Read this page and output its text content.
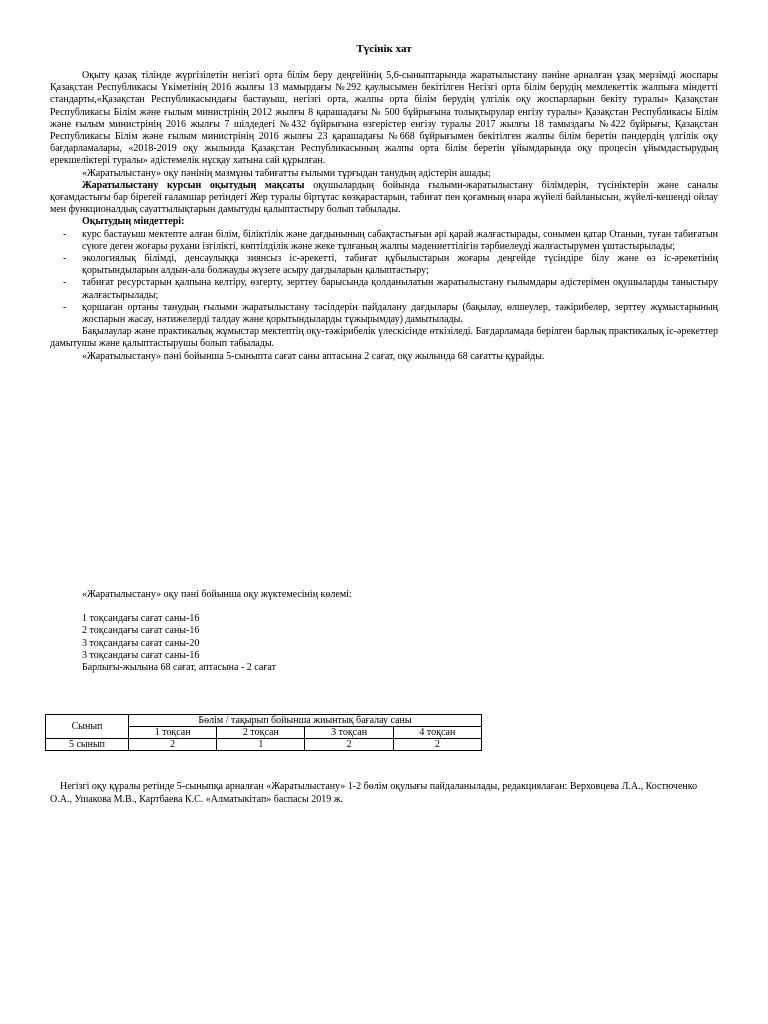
Түсінік хат

Оқыту қазақ тілінде жүргізілетін негізгі орта білім беру деңгейінің 5,6-сыныптарында жаратылыстану пәніне арналған ұзақ мерзімді жоспары Қазақстан Республикасы Үкіметінің 2016 жылғы 13 мамырдағы №292 қаулысымен бекітілген Негізгі орта білім берудің мемлекеттік жалпыға міндетті стандарты,«Қазақстан Республикасындағы бастауыш, негізгі орта, жалпы орта білім берудің үлгілік оқу жоспарларын бекіту туралы» Қазақстан Республикасы Білім және ғылым министрінің 2012 жылғы 8 қарашадағы № 500 бұйрығына толықтырулар енгізу туралы» Қазақстан Республикасы Білім және ғылым министрінің 2016 жылғы 7 шілдедегі №432 бұйрығына өзгерістер енгізу туралы 2017 жылғы 18 тамыздағы №422 бұйрығы, Қазақстан Республикасы Білім және ғылым министрінің 2016 жылғы 23 қарашадағы №668 бұйрығымен бекітілген жалпы білім беретін пәндердің үлгілік оқу бағдарламалары, «2018-2019 оқу жылында Қазақстан Республикасының жалпы орта білім беретін ұйымдарында оқу процесін ұйымдастырудың ерекшеліктері туралы» әдістемелік нұсқау хатына сай құрылған.

«Жаратылыстану» оқу пәнінің мазмұны табиғатты ғылыми тұрғыдан танудың әдістерін ашады;

Жаратылыстану курсын оқытудың мақсаты оқушылардың бойында ғылыми-жаратылыстану білімдерін, түсініктерін және саналы қоғамдастығы бар бірегей ғаламшар ретіндегі Жер туралы біртұтас көзқарастарын, табиғат пен қоғамның өзара жүйелі байланысын, жүйелі-кешенді ойлау мен функционалдық сауаттылықтарын дамытуды қалыптастыру болып табылады.

Оқытудың міндеттері:

- курс бастауыш мектепте алған білім, біліктілік және дағдынының сабақтастығын әрі қарай жалғастырады, сонымен қатар Отанын, туған табиғатын сүюге деген жоғары рухани ізгілікті, көптілділік және жеке тұлғаның жалпы мәдениеттілігін тәрбиелеуді жалғастырумен ұштастырылады;
- экологиялық білімді, денсаулыққа зиянсыз іс-әрекетті, табиғат құбылыстарын жоғары деңгейде түсіндіре білу және өз іс-әрекетінің қорытындыларын алдын-ала болжауды жүзеге асыру дағдыларын қалыптастыру;
- табиғат ресурстарын қалпына келтіру, өзгерту, зерттеу барысында қолданылатын жаратылыстану ғылымдары әдістерімен оқушыларды таныстыру жалғастырылады;
- қоршаған ортаны танудың ғылыми жаратылыстану тәсілдерін пайдалану дағдылары (бақылау, өлшеулер, тәжірибелер, зерттеу жұмыстарының жоспарын жасау, нәтижелерді талдау және қорытындыларды тұжырымдау) дамытылады.

Бақылаулар және практикалық жұмыстар мектептің оқу-тәжірибелік үлескісінде өткізіледі. Бағдарламада берілген барлық практикалық іс-әрекеттер дамытушы және қалыптастырушы болып табылады.

«Жаратылыстану» пәні бойынша 5-сыныпта сағат саны аптасына 2 сағат, оқу жылында 68 сағатты құрайды.

«Жаратылыстану» оқу пәні бойынша оқу жүктемесінің көлемі:
1 тоқсандағы сағат саны-16
2 тоқсандағы сағат саны-16
3 тоқсандағы сағат саны-20
3 тоқсандағы сағат саны-16
Барлығы-жылына 68 сағат, аптасына - 2 сағат
Сынып	Бөлім / тақырып бойынша жиынтық бағалау саны			
	1 тоқсан	2 тоқсан	3 тоқсан	4 тоқсан
5 сынып	2	1	2	2
Негізгі оқу құралы ретінде 5-сыныпқа арналған «Жаратылыстану» 1-2 бөлім оқулығы пайдаланылады, редакциялаған: Верховцева Л.А., Костюченко О.А., Ушакова М.В., Картбаева К.С. «Алматыкітап» баспасы 2019 ж.
